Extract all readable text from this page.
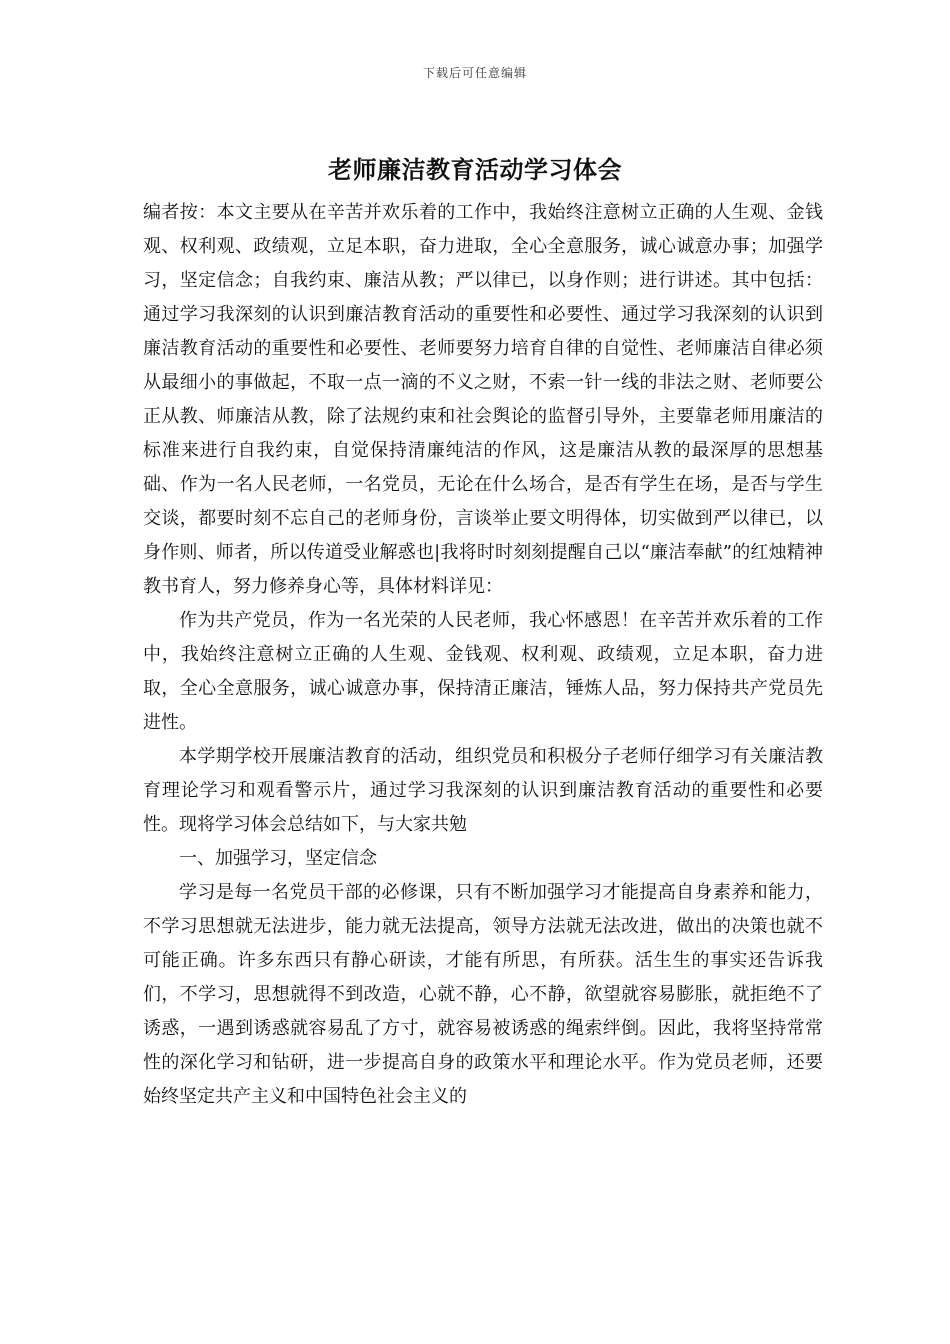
下载后可任意编辑
老师廉洁教育活动学习体会

编者按：本文主要从在辛苦并欢乐着的工作中，我始终注意树立正确的人生观、金钱观、权利观、政绩观，立足本职，奋力进取，全心全意服务，诚心诚意办事；加强学习，坚定信念；自我约束、廉洁从教；严以律已，以身作则；进行讲述。其中包括：通过学习我深刻的认识到廉洁教育活动的重要性和必要性、通过学习我深刻的认识到廉洁教育活动的重要性和必要性、老师要努力培育自律的自觉性、老师廉洁自律必须从最细小的事做起，不取一点一滴的不义之财，不索一针一线的非法之财、老师要公正从教、师廉洁从教，除了法规约束和社会舆论的监督引导外，主要靠老师用廉洁的标准来进行自我约束，自觉保持清廉纯洁的作风，这是廉洁从教的最深厚的思想基础、作为一名人民老师，一名党员，无论在什么场合，是否有学生在场，是否与学生交谈，都要时刻不忘自己的老师身份，言谈举止要文明得体，切实做到严以律已，以身作则、师者，所以传道受业解惑也|我将时时刻刻提醒自己以“廉洁奉献”的红烛精神教书育人，努力修养身心等，具体材料详见：

作为共产党员，作为一名光荣的人民老师，我心怀感恩！在辛苦并欢乐着的工作中，我始终注意树立正确的人生观、金钱观、权利观、政绩观，立足本职，奋力进取，全心全意服务，诚心诚意办事，保持清正廉洁，锤炼人品，努力保持共产党员先进性。

本学期学校开展廉洁教育的活动，组织党员和积极分子老师仔细学习有关廉洁教育理论学习和观看警示片，通过学习我深刻的认识到廉洁教育活动的重要性和必要性。现将学习体会总结如下，与大家共勉

一、加强学习，坚定信念

学习是每一名党员干部的必修课，只有不断加强学习才能提高自身素养和能力，不学习思想就无法进步，能力就无法提高，领导方法就无法改进，做出的决策也就不可能正确。许多东西只有静心研读，才能有所思，有所获。活生生的事实还告诉我们，不学习，思想就得不到改造，心就不静，心不静，欲望就容易膨胀，就拒绝不了诱惑，一遇到诱惑就容易乱了方寸，就容易被诱惑的绳索绊倒。因此，我将坚持常常性的深化学习和钻研，进一步提高自身的政策水平和理论水平。作为党员老师，还要始终坚定共产主义和中国特色社会主义的
